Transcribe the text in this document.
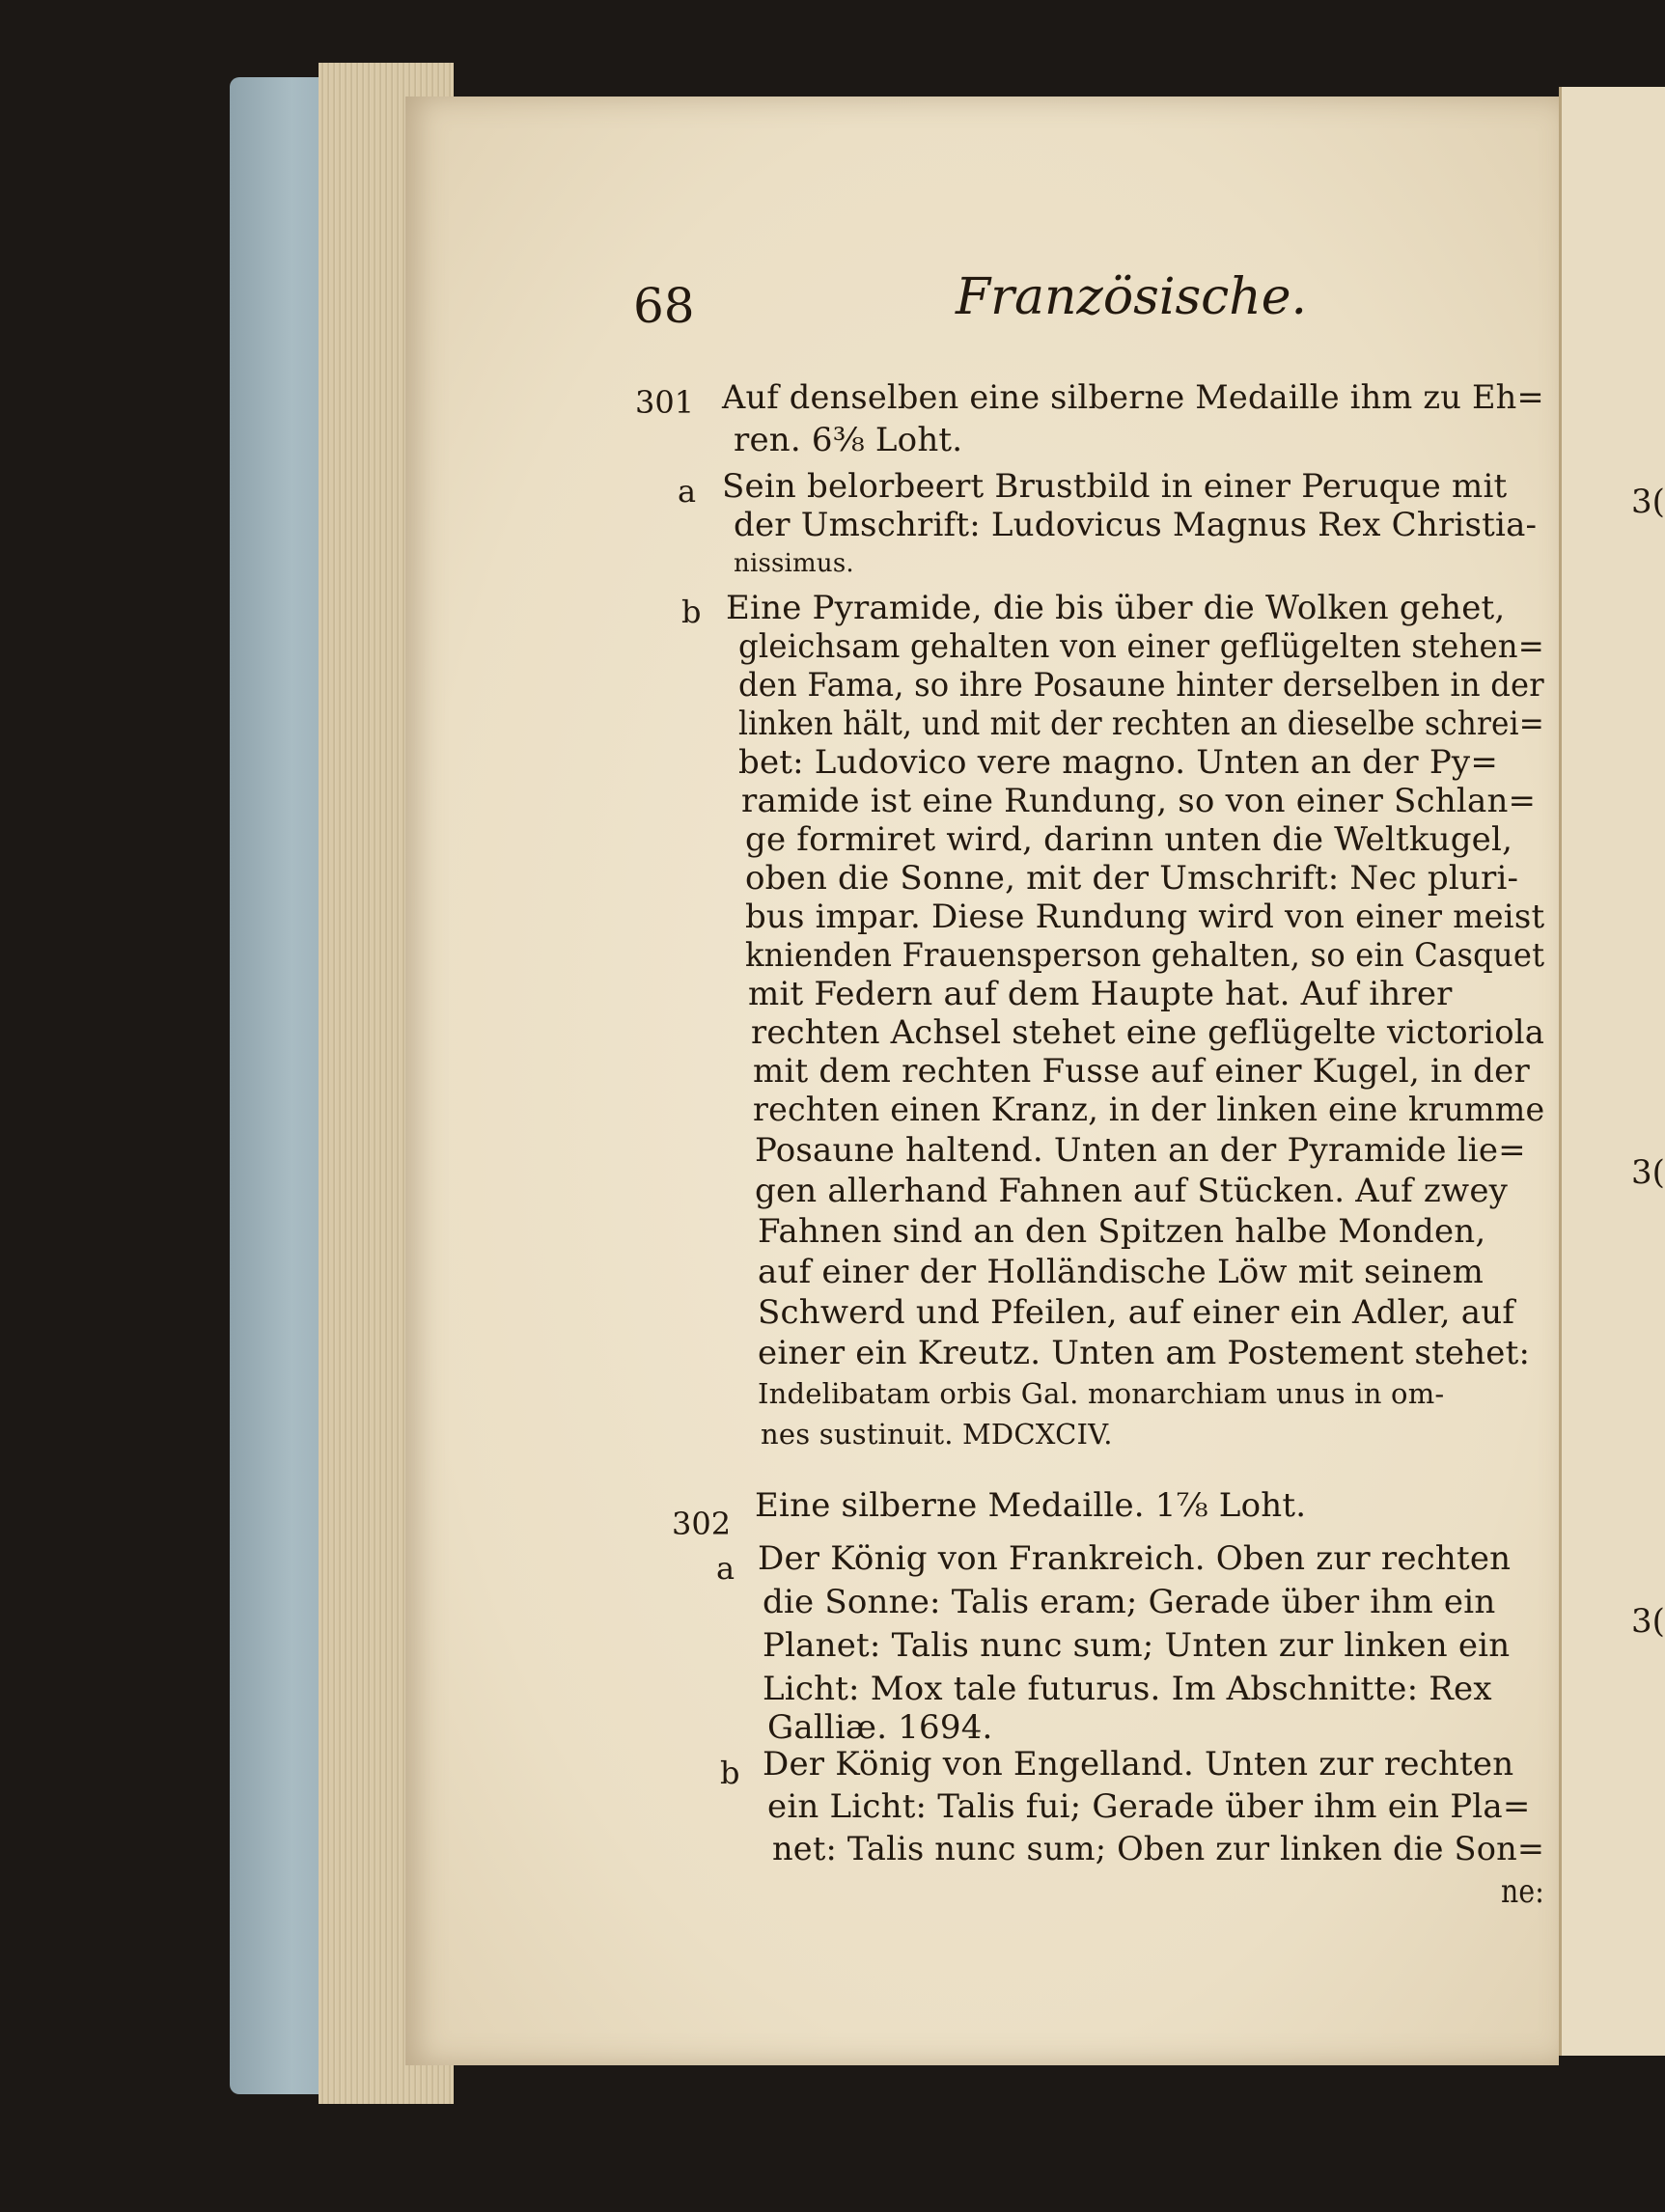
3(
3(
3(
68	Französische.
301 Auf denselben eine silberne Medaille ihm zu Eh=
ren. 6⅜ Loht.
a Sein belorbeert Brustbild in einer Peruque mit
der Umschrift: Ludovicus Magnus Rex Christia-
nissimus.
b Eine Pyramide, die bis über die Wolken gehet,
gleichsam gehalten von einer geflügelten stehen=
den Fama, so ihre Posaune hinter derselben in der
linken hält, und mit der rechten an dieselbe schrei=
bet: Ludovico vere magno. Unten an der Py=
ramide ist eine Rundung, so von einer Schlan=
ge formiret wird, darinn unten die Weltkugel,
oben die Sonne, mit der Umschrift: Nec pluri-
bus impar. Diese Rundung wird von einer meist
knienden Frauensperson gehalten, so ein Casquet
mit Federn auf dem Haupte hat. Auf ihrer
rechten Achsel stehet eine geflügelte victoriola
mit dem rechten Fusse auf einer Kugel, in der
rechten einen Kranz, in der linken eine krumme
Posaune haltend. Unten an der Pyramide lie=
gen allerhand Fahnen auf Stücken. Auf zwey
Fahnen sind an den Spitzen halbe Monden,
auf einer der Holländische Löw mit seinem
Schwerd und Pfeilen, auf einer ein Adler, auf
einer ein Kreutz. Unten am Postement stehet:
Indelibatam orbis Gal. monarchiam unus in om-
nes sustinuit. MDCXCIV.
302 Eine silberne Medaille. 1⅞ Loht.
a Der König von Frankreich. Oben zur rechten
die Sonne: Talis eram; Gerade über ihm ein
Planet: Talis nunc sum; Unten zur linken ein
Licht: Mox tale futurus. Im Abschnitte: Rex
Galliæ. 1694.
b Der König von Engelland. Unten zur rechten
ein Licht: Talis fui; Gerade über ihm ein Pla=
net: Talis nunc sum; Oben zur linken die Son=
ne:
